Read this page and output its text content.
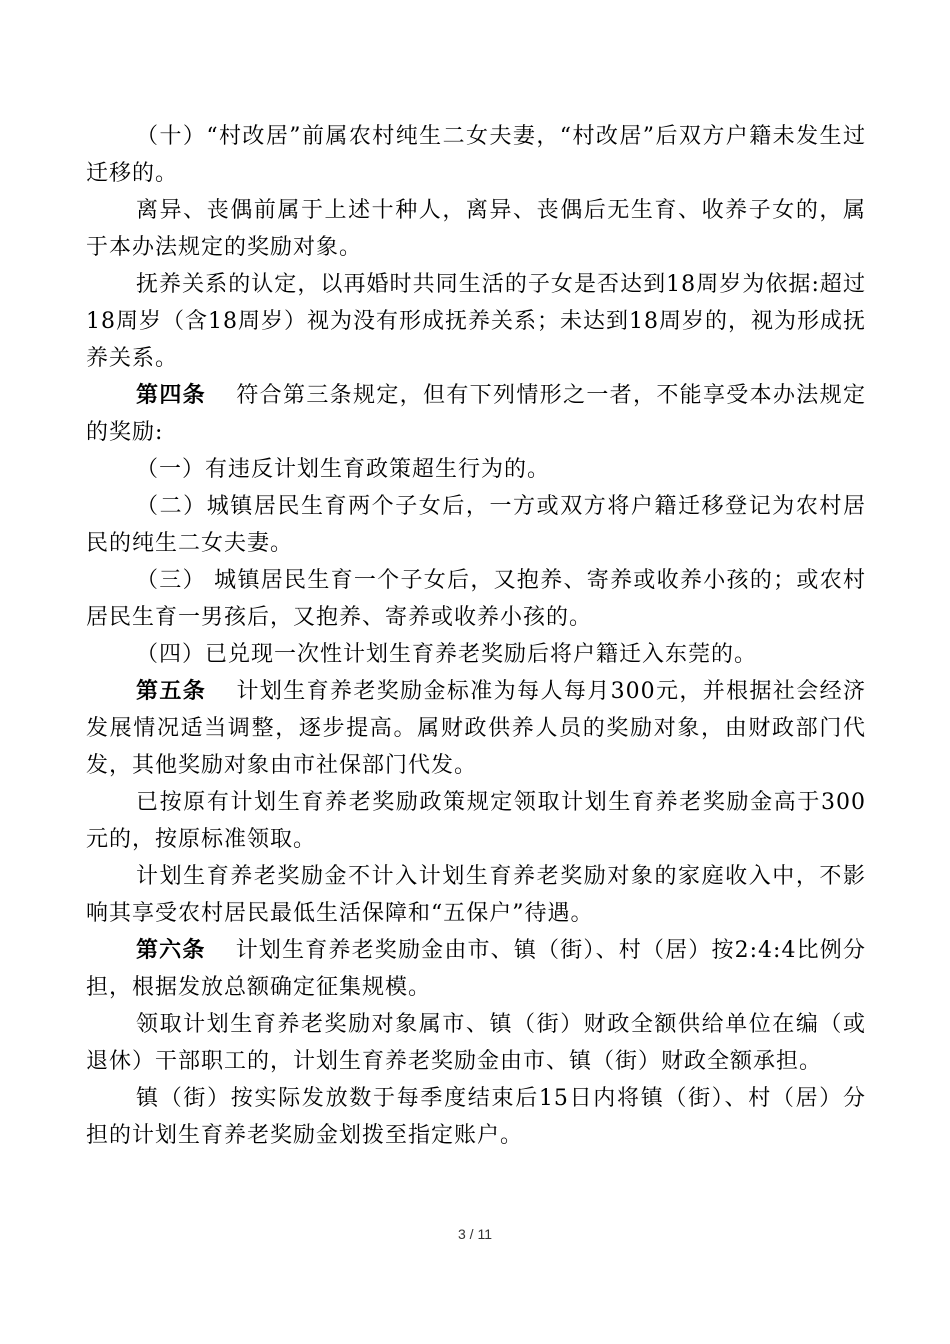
（十）“村改居”前属农村纯生二女夫妻，“村改居”后双方户籍未发生过迁移的。

离异、丧偶前属于上述十种人，离异、丧偶后无生育、收养子女的，属于本办法规定的奖励对象。

抚养关系的认定，以再婚时共同生活的子女是否达到18周岁为依据:超过18周岁（含18周岁）视为没有形成抚养关系；未达到18周岁的，视为形成抚养关系。

第四条 符合第三条规定，但有下列情形之一者，不能享受本办法规定的奖励:

（一）有违反计划生育政策超生行为的。

（二）城镇居民生育两个子女后，一方或双方将户籍迁移登记为农村居民的纯生二女夫妻。

（三） 城镇居民生育一个子女后，又抱养、寄养或收养小孩的；或农村居民生育一男孩后，又抱养、寄养或收养小孩的。

（四）已兑现一次性计划生育养老奖励后将户籍迁入东莞的。

第五条 计划生育养老奖励金标准为每人每月300元，并根据社会经济发展情况适当调整，逐步提高。属财政供养人员的奖励对象，由财政部门代发，其他奖励对象由市社保部门代发。

已按原有计划生育养老奖励政策规定领取计划生育养老奖励金高于300元的，按原标准领取。

计划生育养老奖励金不计入计划生育养老奖励对象的家庭收入中，不影响其享受农村居民最低生活保障和“五保户”待遇。

第六条 计划生育养老奖励金由市、镇（街）、村（居）按2:4:4比例分担，根据发放总额确定征集规模。

领取计划生育养老奖励对象属市、镇（街）财政全额供给单位在编（或退休）干部职工的，计划生育养老奖励金由市、镇（街）财政全额承担。

镇（街）按实际发放数于每季度结束后15日内将镇（街）、村（居）分担的计划生育养老奖励金划拨至指定账户。

3 / 11
